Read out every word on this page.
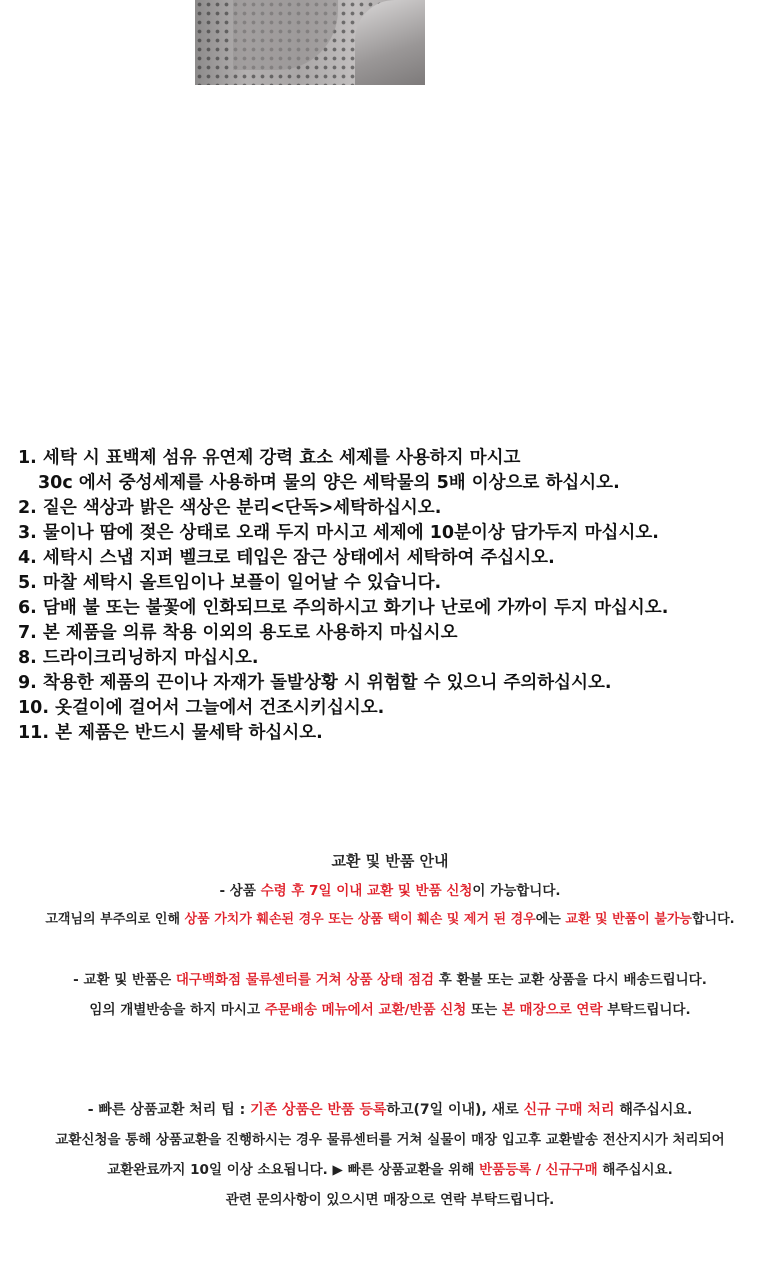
1. 세탁 시 표백제 섬유 유연제 강력 효소 세제를 사용하지 마시고
30c 에서 중성세제를 사용하며 물의 양은 세탁물의 5배 이상으로 하십시오.
2. 짙은 색상과 밝은 색상은 분리<단독>세탁하십시오.
3. 물이나 땀에 젖은 상태로 오래 두지 마시고 세제에 10분이상 담가두지 마십시오.
4. 세탁시 스냅 지퍼 벨크로 테입은 잠근 상태에서 세탁하여 주십시오.
5. 마찰 세탁시 올트임이나 보플이 일어날 수 있습니다.
6. 담배 불 또는 불꽃에 인화되므로 주의하시고 화기나 난로에 가까이 두지 마십시오.
7. 본 제품을 의류 착용 이외의 용도로 사용하지 마십시오
8. 드라이크리닝하지 마십시오.
9. 착용한 제품의 끈이나 자재가 돌발상황 시 위험할 수 있으니 주의하십시오.
10. 옷걸이에 걸어서 그늘에서 건조시키십시오.
11. 본 제품은 반드시 물세탁 하십시오.
교환 및 반품 안내
- 상품 수령 후 7일 이내 교환 및 반품 신청이 가능합니다.
고객님의 부주의로 인해 상품 가치가 훼손된 경우 또는 상품 택이 훼손 및 제거 된 경우에는 교환 및 반품이 불가능합니다.
- 교환 및 반품은 대구백화점 물류센터를 거쳐 상품 상태 점검 후 환불 또는 교환 상품을 다시 배송드립니다.
임의 개별반송을 하지 마시고 주문배송 메뉴에서 교환/반품 신청 또는 본 매장으로 연락 부탁드립니다.
- 빠른 상품교환 처리 팁 : 기존 상품은 반품 등록하고(7일 이내), 새로 신규 구매 처리 해주십시요.
교환신청을 통해 상품교환을 진행하시는 경우 물류센터를 거쳐 실물이 매장 입고후 교환발송 전산지시가 처리되어
교환완료까지 10일 이상 소요됩니다. ▶ 빠른 상품교환을 위해 반품등록 / 신규구매 해주십시요.
관련 문의사항이 있으시면 매장으로 연락 부탁드립니다.
